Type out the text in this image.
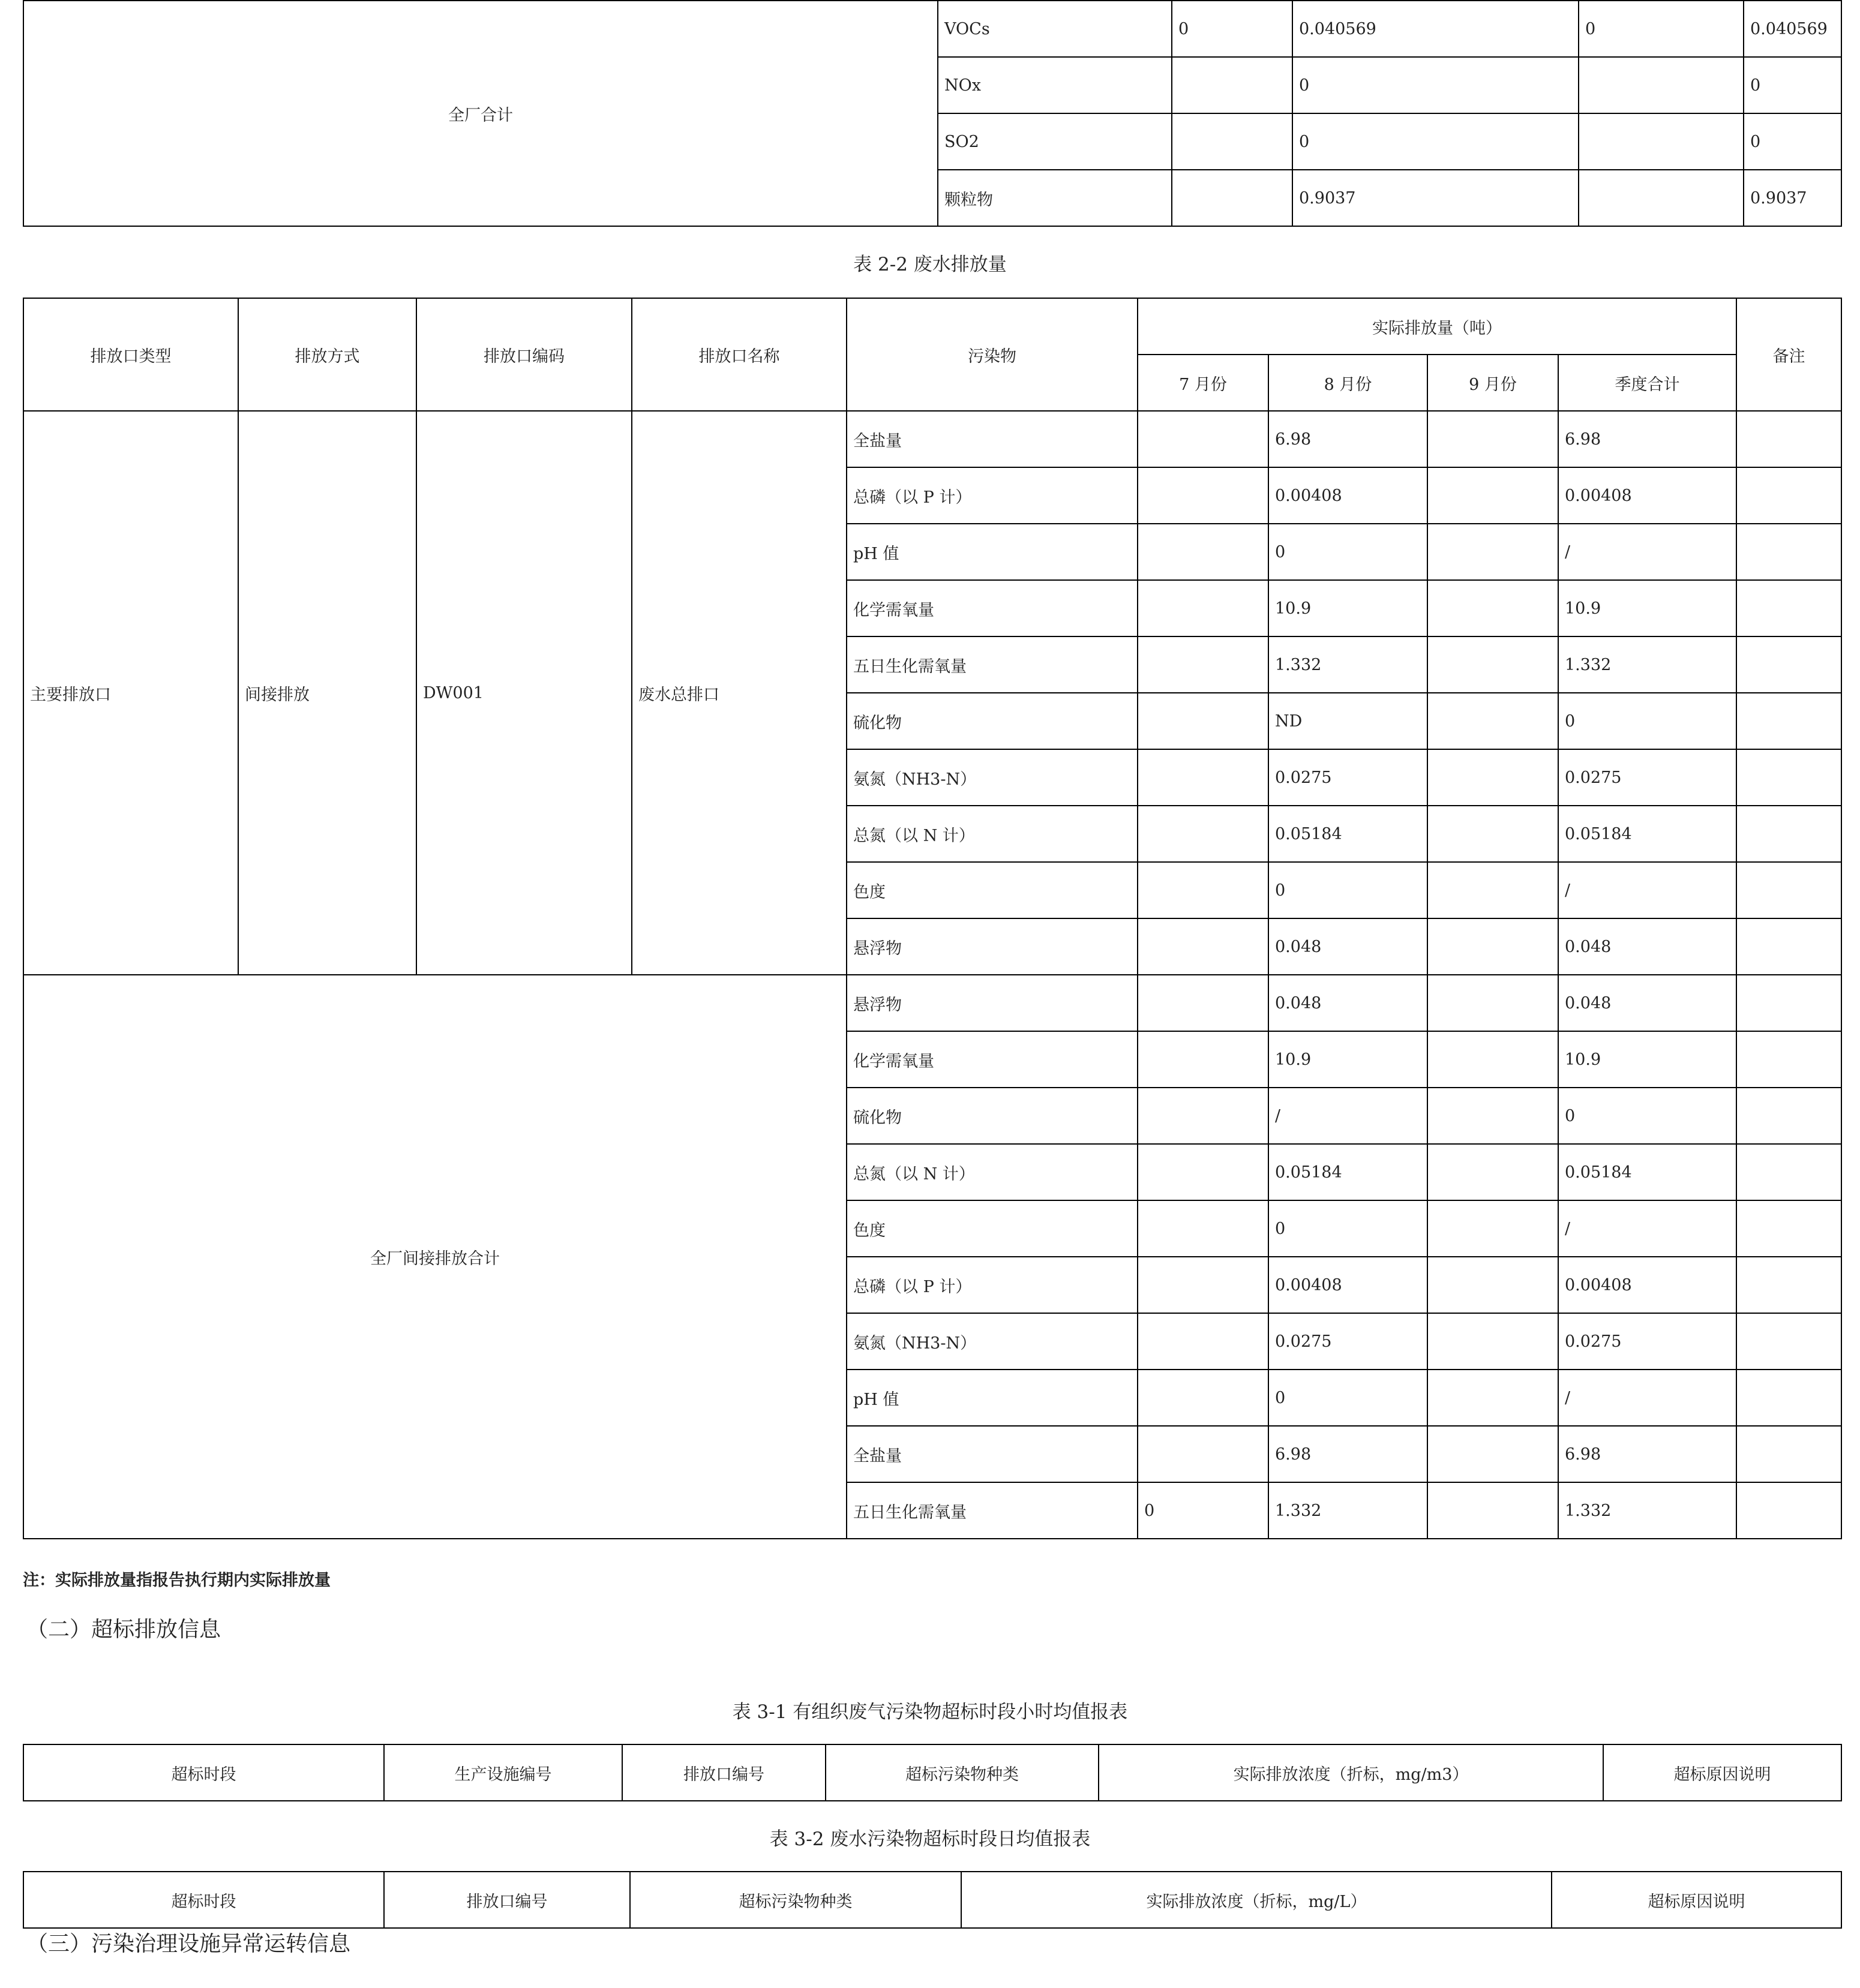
全厂合计	VOCs	0	0.040569	0	0.040569	
	NOx		0		0	
	SO2		0		0	
	颗粒物		0.9037		0.9037	
表 2-2 废水排放量
排放口类型	排放方式	排放口编码	排放口名称	污染物	实际排放量（吨）				备注
					7 月份	8 月份	9 月份	季度合计	
主要排放口	间接排放	DW001	废水总排口	全盐量		6.98		6.98	
				总磷（以 P 计）		0.00408		0.00408	
				pH 值		0		/	
				化学需氧量		10.9		10.9	
				五日生化需氧量		1.332		1.332	
				硫化物		ND		0	
				氨氮（NH3-N）		0.0275		0.0275	
				总氮（以 N 计）		0.05184		0.05184	
				色度		0		/	
				悬浮物		0.048		0.048	
全厂间接排放合计				悬浮物		0.048		0.048	
				化学需氧量		10.9		10.9	
				硫化物		/		0	
				总氮（以 N 计）		0.05184		0.05184	
				色度		0		/	
				总磷（以 P 计）		0.00408		0.00408	
				氨氮（NH3-N）		0.0275		0.0275	
				pH 值		0		/	
				全盐量		6.98		6.98	
				五日生化需氧量	0	1.332		1.332	
注：实际排放量指报告执行期内实际排放量
（二）超标排放信息
表 3-1 有组织废气污染物超标时段小时均值报表
超标时段	生产设施编号	排放口编号	超标污染物种类	实际排放浓度（折标，mg/m3）	超标原因说明
表 3-2 废水污染物超标时段日均值报表
超标时段	排放口编号	超标污染物种类	实际排放浓度（折标，mg/L）	超标原因说明
（三）污染治理设施异常运转信息
